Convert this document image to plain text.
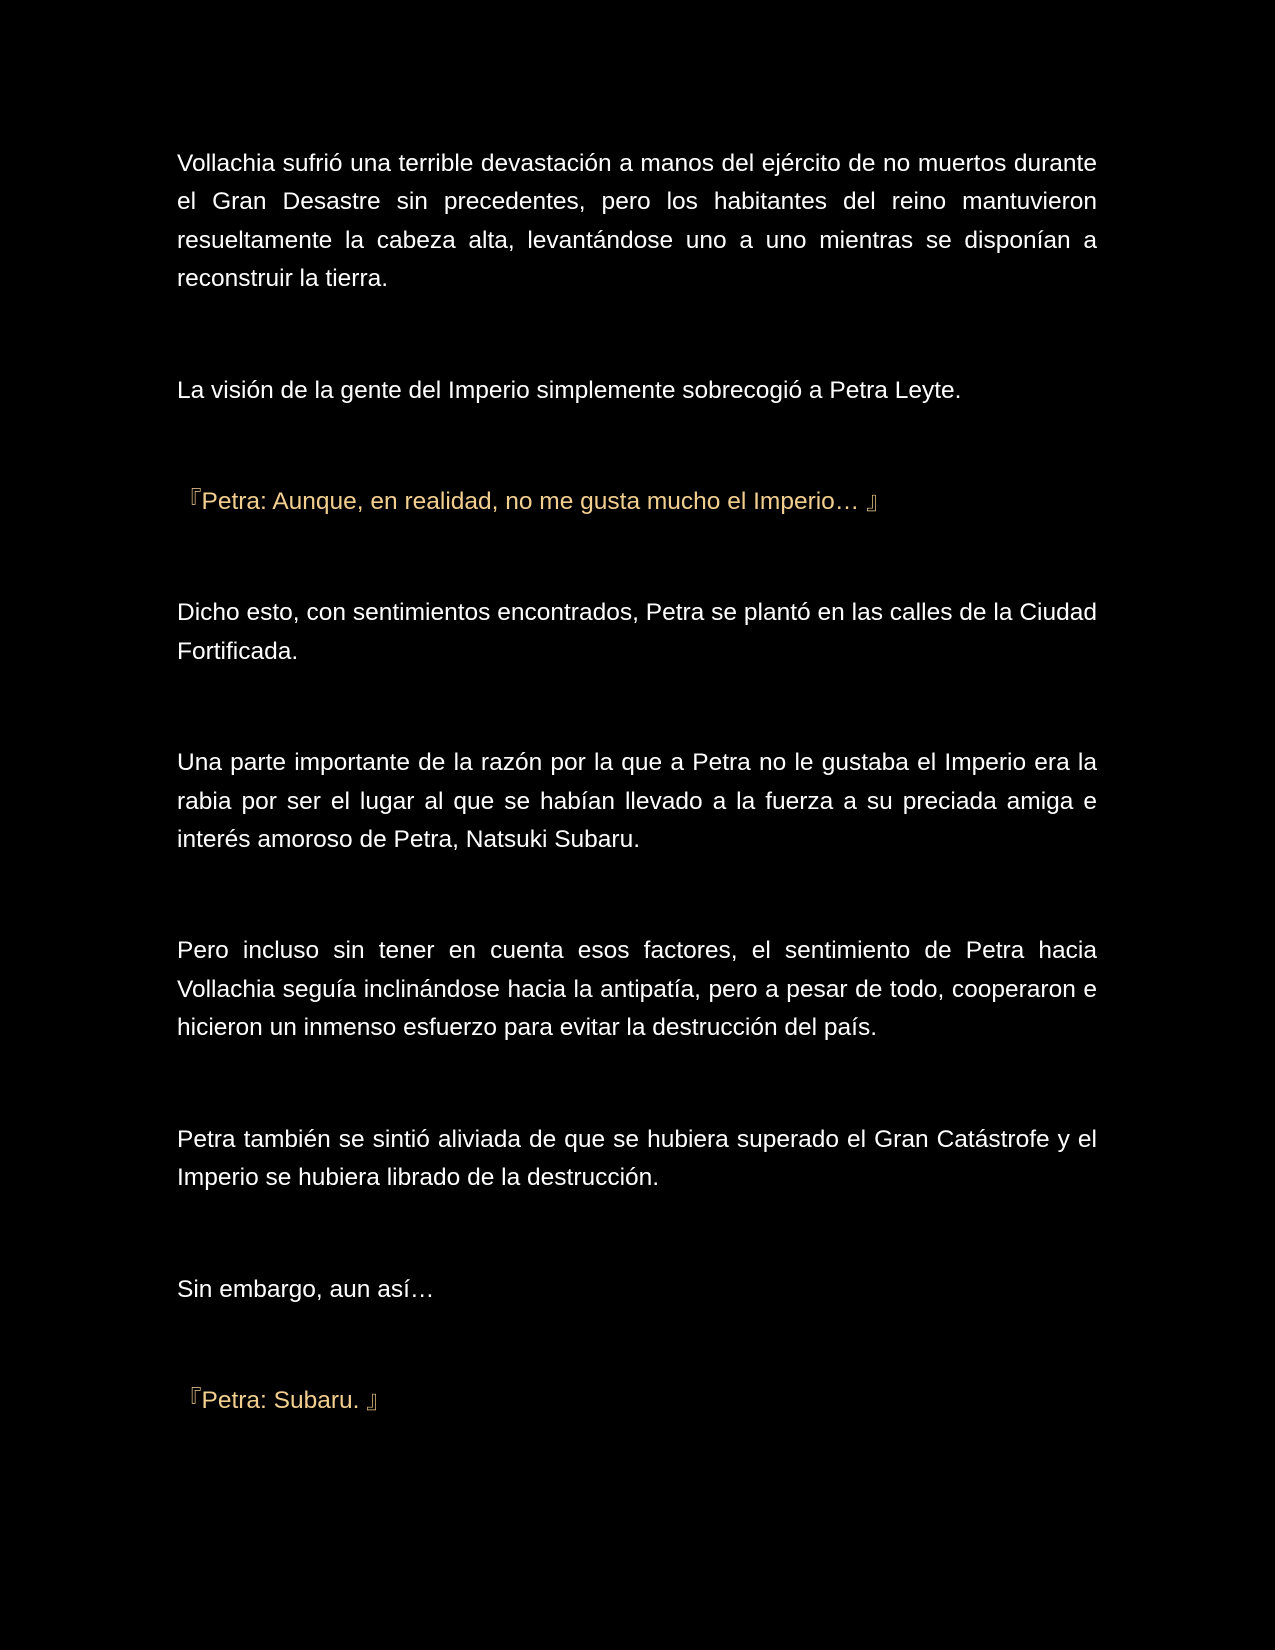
Vollachia sufrió una terrible devastación a manos del ejército de no muertos durante el Gran Desastre sin precedentes, pero los habitantes del reino mantuvieron resueltamente la cabeza alta, levantándose uno a uno mientras se disponían a reconstruir la tierra.

La visión de la gente del Imperio simplemente sobrecogió a Petra Leyte.

『Petra: Aunque, en realidad, no me gusta mucho el Imperio… 』

Dicho esto, con sentimientos encontrados, Petra se plantó en las calles de la Ciudad Fortificada.

Una parte importante de la razón por la que a Petra no le gustaba el Imperio era la rabia por ser el lugar al que se habían llevado a la fuerza a su preciada amiga e interés amoroso de Petra, Natsuki Subaru.

Pero incluso sin tener en cuenta esos factores, el sentimiento de Petra hacia Vollachia seguía inclinándose hacia la antipatía, pero a pesar de todo, cooperaron e hicieron un inmenso esfuerzo para evitar la destrucción del país.

Petra también se sintió aliviada de que se hubiera superado el Gran Catástrofe y el Imperio se hubiera librado de la destrucción.

Sin embargo, aun así…

『Petra: Subaru. 』
